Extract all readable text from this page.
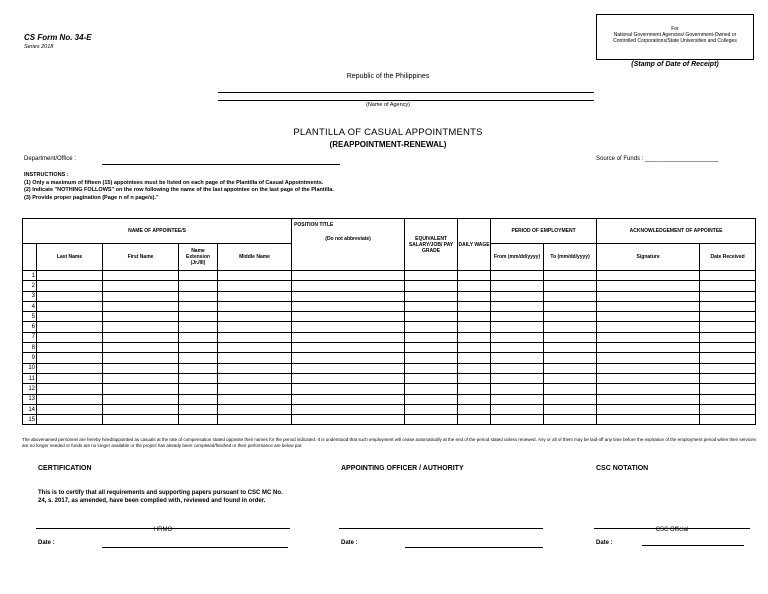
CS Form No. 34-E
Series 2018
For
National Government Agencies/ Government-Owned or
Controlled Corporations/State Universities and Colleges
(Stamp of Date of Receipt)
Republic of the Philippines
(Name of Agency)
PLANTILLA OF CASUAL APPOINTMENTS
(REAPPOINTMENT-RENEWAL)
Department/Office :	Source of Funds : ______________________
INSTRUCTIONS :
(1) Only a maximum of fifteen (15) appointees must be listed on each page of the Plantilla of Casual Appointments.
(2) Indicate "NOTHING FOLLOWS" on the row following the name of the last appointee on the last page of the Plantilla.
(3) Provide proper pagination (Page n of n page/s)."
NAME OF APPOINTEE/S					POSITION TITLE
(Do not abbreviate)	EQUIVALENT SALARY/JOB/ PAY GRADE	DAILY WAGE	PERIOD OF EMPLOYMENT		ACKNOWLEDGEMENT OF APPOINTEE	
	Last Name	First Name	Name Extension (Jr./III)	Middle Name				From (mm/dd/yyyy)	To (mm/dd/yyyy)	Signature	Date Received
1											
2											
3											
4											
5											
6											
7											
8											
9											
10											
11											
12											
13											
14											
15											
The abovenamed personnel are hereby hired/appointed as casuals at the rate of compensation stated opposite their names for the period indicated. It is understood that such employment will cease automatically at the end of the period stated unless renewed. Any or all of them may be laid-off any time before the expiration of the employment period when their services are no longer needed or funds are no longer available or the project has already been completed/finished or their performance are below par.
CERTIFICATION
This is to certify that all requirements and supporting papers pursuant to CSC MC No. 24, s. 2017, as amended, have been complied with, reviewed and found in order.
HRMO
Date :
APPOINTING OFFICER / AUTHORITY
Date :
CSC NOTATION
CSC Official
Date :
